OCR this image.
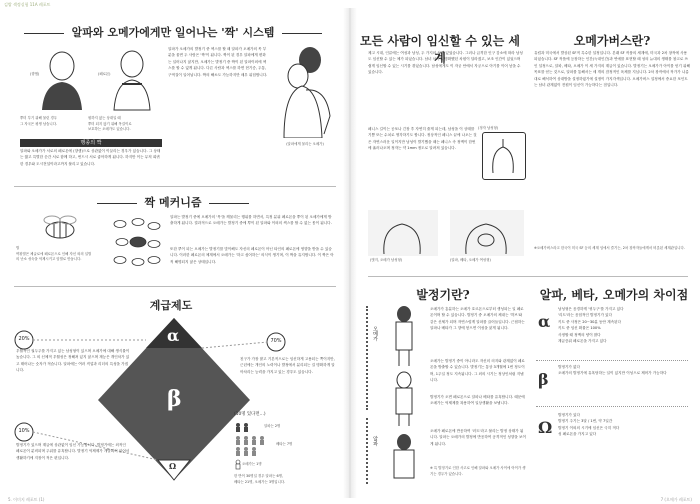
김밥 색정실험 11A 레포트
알파와 오메가에게만 일어나는 '짝' 시스템
(향샘)	(페로몬)
뿌미 부기 위해 물린 경우
그 자국은 평생 남습니다.
원하지 않는 상대일 때
뿌미 되지 않기 위해 목걸이로
보호하는 오메가도 있습니다.
맹종의 짝
알파와 오메가가 서로의 페로몬에 (향샘)으로 상관없이 이끌리는 경우가 있습니다. 그 상태는 짧고 특별한 순간 서로 함께 하고, 번드시 서로 좋아하게 됩니다. 하지만 이는 무척 희귀한 경우와 도시전설이라고까지 불리고 있습니다.
알파가 오메가의 발정기 중 섹스를 할 때 알파가 오메가의 목 부분을 물면 두 사람은 '짝'이 됩니다. 짝이 된 경우 알파에게 변화는 일어나지 않지만, 오메가는 발정기 중 짝이 된 알파이외에 섹스를 할 수 없게 됩니다. 다른 사람과 섹스를 하면 현기증, 두통, 구역질이 일어납니다. 짝의 해소도 가능하지만 매우 위험합니다.
(알파에게 물리는 오메가)
짝 메커니즘
벌
여왕벌은 체글로에 페로몬으로 인해 자신 외의 일벌의 난소 성숙을 억제시키고 암벌로 만듭니다.
알파는 발정기 중에 오메가의 '목'을 깨물리는 행위를 하면서, 특정 분위 페로몬을 뿌이 된 오메가에게 방출하게 됩니다. 결과적으로 오메가는 발정기 중에 뿌이 된 알파와 이외의 섹스를 할 수 없는 몸이 됩니다.
또한 뿌이 되는 오메가는 발정기를 맞이해도 자신의 페로몬이 아닌 타인의 페로몬에 영향을 받을 수 있습니다. 이러한 페로몬의 체계에서 오메가는 '하고 싶어하는' 의식이 생기며, 이 짝을 유지합니다. 이 짝은 아직 해명되지 않은 상태입니다.
계급제도
20%
10%
70%
α
β
Ω
우월적인 권두주를 가지고 있는 남성형이 있으며 오메가에 대해 생식률이 높습니다. 그 외 신체적 우월성은 정해져 있지 않으며 재능은 개인차가 있고 태어나는 숫자가 적습니다. 알파에는 여러 직업과 리더의 특성을 가집니다.
발정기가 있으며 계급에 상관없이 임신 가능합니다. 발정기에는 외적인 페로몬이 분비되며 주위를 유혹합니다. 발정기 억제제가 개발되어 있어서 생활하기에 지장이 적은 편입니다.
친구가 가장 많고 기본적으로는 임신하게 고용되는 쪽이지만, 근년에는 개인의 노력이나 발정에서 분리되는 걸 명확하게 알아차리는 능력을 가지고 있는 경우도 있습니다.
(10명 있다면...)
알파는 2명
베타는 7명
오메가는 1명
한 반이 30명일 경우 알파는 6명,
베타는 21명, 오메가는 3명입니다.
모든 사람이 임신할 수 있는 세계
제고 시대, 인류에는 여성과 남성, 두 가지의 성이 있었습니다. 그러나 급격한 인구 감소에 따라 남성도 임신할 수 있는 체가 되었습니다. 남녀 차이도 명확했던 차원이 달라졌고, 보조 인간이 있었으며 쉽게 임신할 수 있는 시기를 겪었습니다. 남성에게도 이 자궁 안에서 자궁으로 아기를 이어 낳을 수 있습니다.
페니스 길이는 공포나 긴장 후 자연히 줄게 되는데, 남성을 이 상태를 기쁨 또는 수치로 생각하기도 합니다. 정상적인 페니스 끝에 나오는 것은 자연스러운 일이지만 남성이 발기했을 때는 페니스 속 정액이 한번에 흘러나오며 정자는 약 1mm 정도로 알려져 있습니다.
(정자 남성형)
(벗겨, 오메가 남성형)	(알파, 베타, 오메가 여성형)
오메가버스란?
유럽과 미국에서 발상된 SF적 특수한 설정입니다. 본래 SF 작품의 세계에, 미국과 2차 창작에 사용되었습니다. SF 작품에 등장하는 인간(늑대인간)과 연예를 표현할 때 성의 뉴대의 생태를 참고로 쓰인 설정으로, 알파, 베타, 오메가 이 세 가지의 계급이 있습니다. 발정기는 오메가가 아이를 얻기 위해 목표를 얻는 것으로, 알파를 통해서는 세 개의 잠정적인 육체를 지닙니다. 2차 창작에서 작가가 나름대로 해석하여 상대방을 설정하였기에 설정이 가지각색입니다. 오메가버스 설정에서 중요한 포인트는 남녀 관계없이 전원이 임신이 가능하다는 점입니다.
※오메가버스라고 한국이 미국 SF 등의 세계 임에서 즐기는, 2차 창작자들에게서 비롯된 세계관입니다.
발정기란?
오메가
알파
오메가가 흥분하는 오메가 호르몬으로부터 생성되는 일 페로몬이며 할 수 있습니다. 발정기 중 오메가의 체내는 '허브'와 같은 신체가 되며 자연스럽게 알파를 끌어들입니다. 근접하는 알파나 베타가 그 향에 닿으면 이성을 잃게 됩니다.
오메가는 발정기 중이 아니라도 자신의 의지와 관계없이 페로몬을 방출할 수 있습니다. 발정기는 통상 3개월에 1번 정도이며, 1주일 정도 지속됩니다. 그 외의 시기는 정상인처럼 지냅니다.
발정기가 오면 페로몬으로 알파나 베타를 유혹합니다. 때문에 오메가는 억제제를 복용하여 일상생활을 보냅니다.
오메가 페로몬에 반응하여 '러트'라고 불리는 발정 상태가 됩니다. 알파는 오메가의 발정에 반응하여 공격적인 성향을 보이게 됩니다.
※ 특 발정기로 인한 사고로 인해 알파와 오메가 사이에 아이가 생기는 경우가 있습니다.
알파, 베타, 오메가의 차이점
α
남성형은 음경하게 '귀두구'를 가지고 있다
'리트'라는 음험적인 발정기가 있다
키트 중 사정은 20~30분 동안 계속된다
키트 중 임신 확률은 100%
사정할 때 정액의 양이 많다
계급증위 페로몬을 가지고 있다
β
발정기가 없다
오메가의 발정기에 유혹당하는 일이 있지만 이성으로 제어가 가능하다
Ω
발정기가 있다
발정기 주기는 3달 / 1번, 약 7일간
발정기 이외의 시기에 임신은 극히 적다
성 페로몬을 가지고 있다
5. 이미지 레포트 (1)	7 (오메가 레포트)
